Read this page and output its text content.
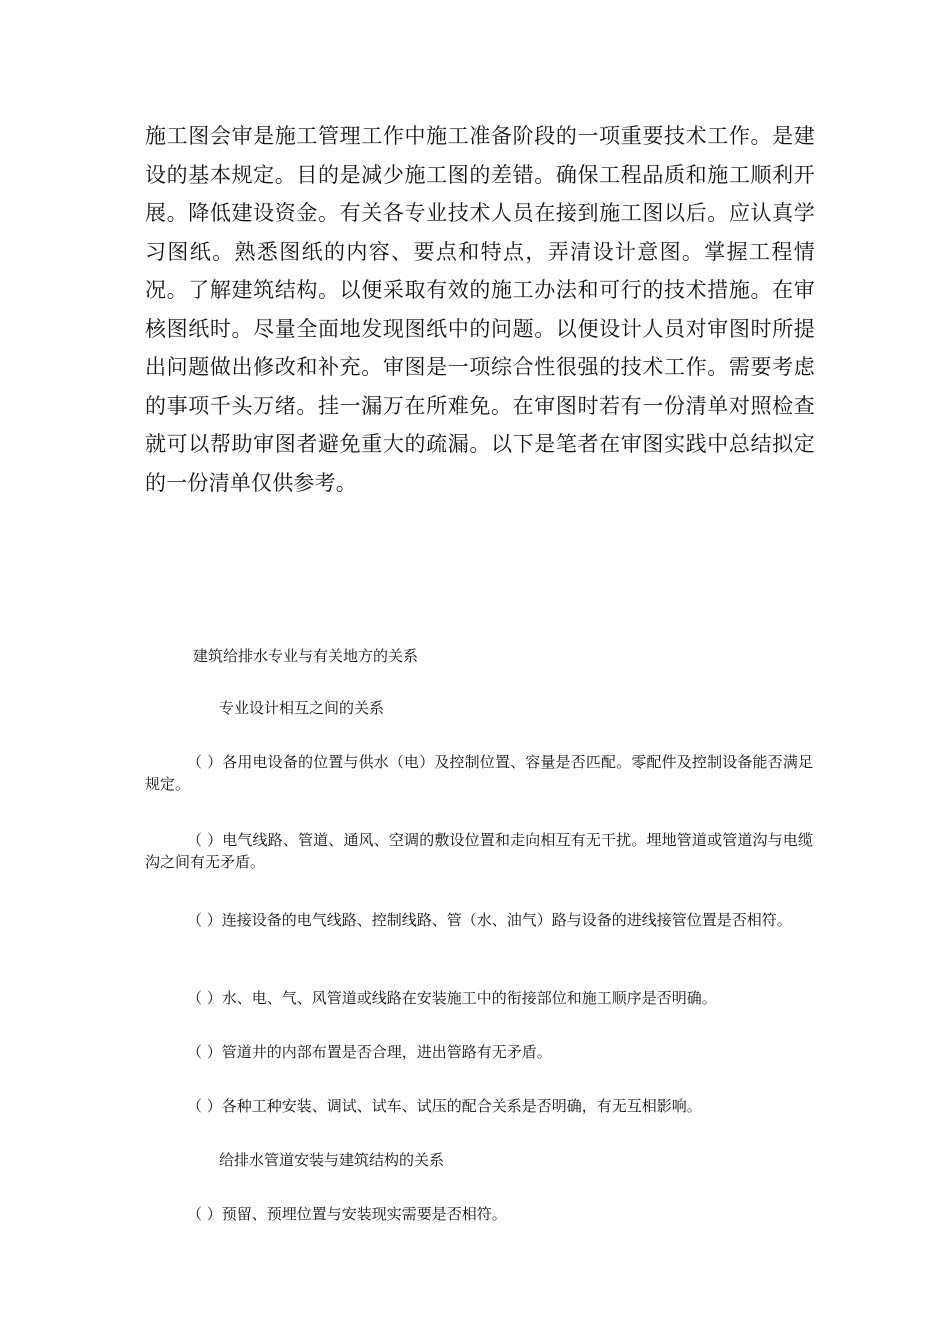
施工图会审是施工管理工作中施工准备阶段的一项重要技术工作。是建设的基本规定。目的是减少施工图的差错。确保工程品质和施工顺利开展。降低建设资金。有关各专业技术人员在接到施工图以后。应认真学习图纸。熟悉图纸的内容、要点和特点，弄清设计意图。掌握工程情况。了解建筑结构。以便采取有效的施工办法和可行的技术措施。在审核图纸时。尽量全面地发现图纸中的问题。以便设计人员对审图时所提出问题做出修改和补充。审图是一项综合性很强的技术工作。需要考虑的事项千头万绪。挂一漏万在所难免。在审图时若有一份清单对照检查就可以帮助审图者避免重大的疏漏。以下是笔者在审图实践中总结拟定的一份清单仅供参考。

建筑给排水专业与有关地方的关系

专业设计相互之间的关系

（ ）各用电设备的位置与供水（电）及控制位置、容量是否匹配。零配件及控制设备能否满足规定。

（ ）电气线路、管道、通风、空调的敷设位置和走向相互有无干扰。埋地管道或管道沟与电缆沟之间有无矛盾。

（ ）连接设备的电气线路、控制线路、管（水、油气）路与设备的进线接管位置是否相符。

（ ）水、电、气、风管道或线路在安装施工中的衔接部位和施工顺序是否明确。

（ ）管道井的内部布置是否合理，进出管路有无矛盾。

（ ）各种工种安装、调试、试车、试压的配合关系是否明确，有无互相影响。

给排水管道安装与建筑结构的关系

（ ）预留、预埋位置与安装现实需要是否相符。
